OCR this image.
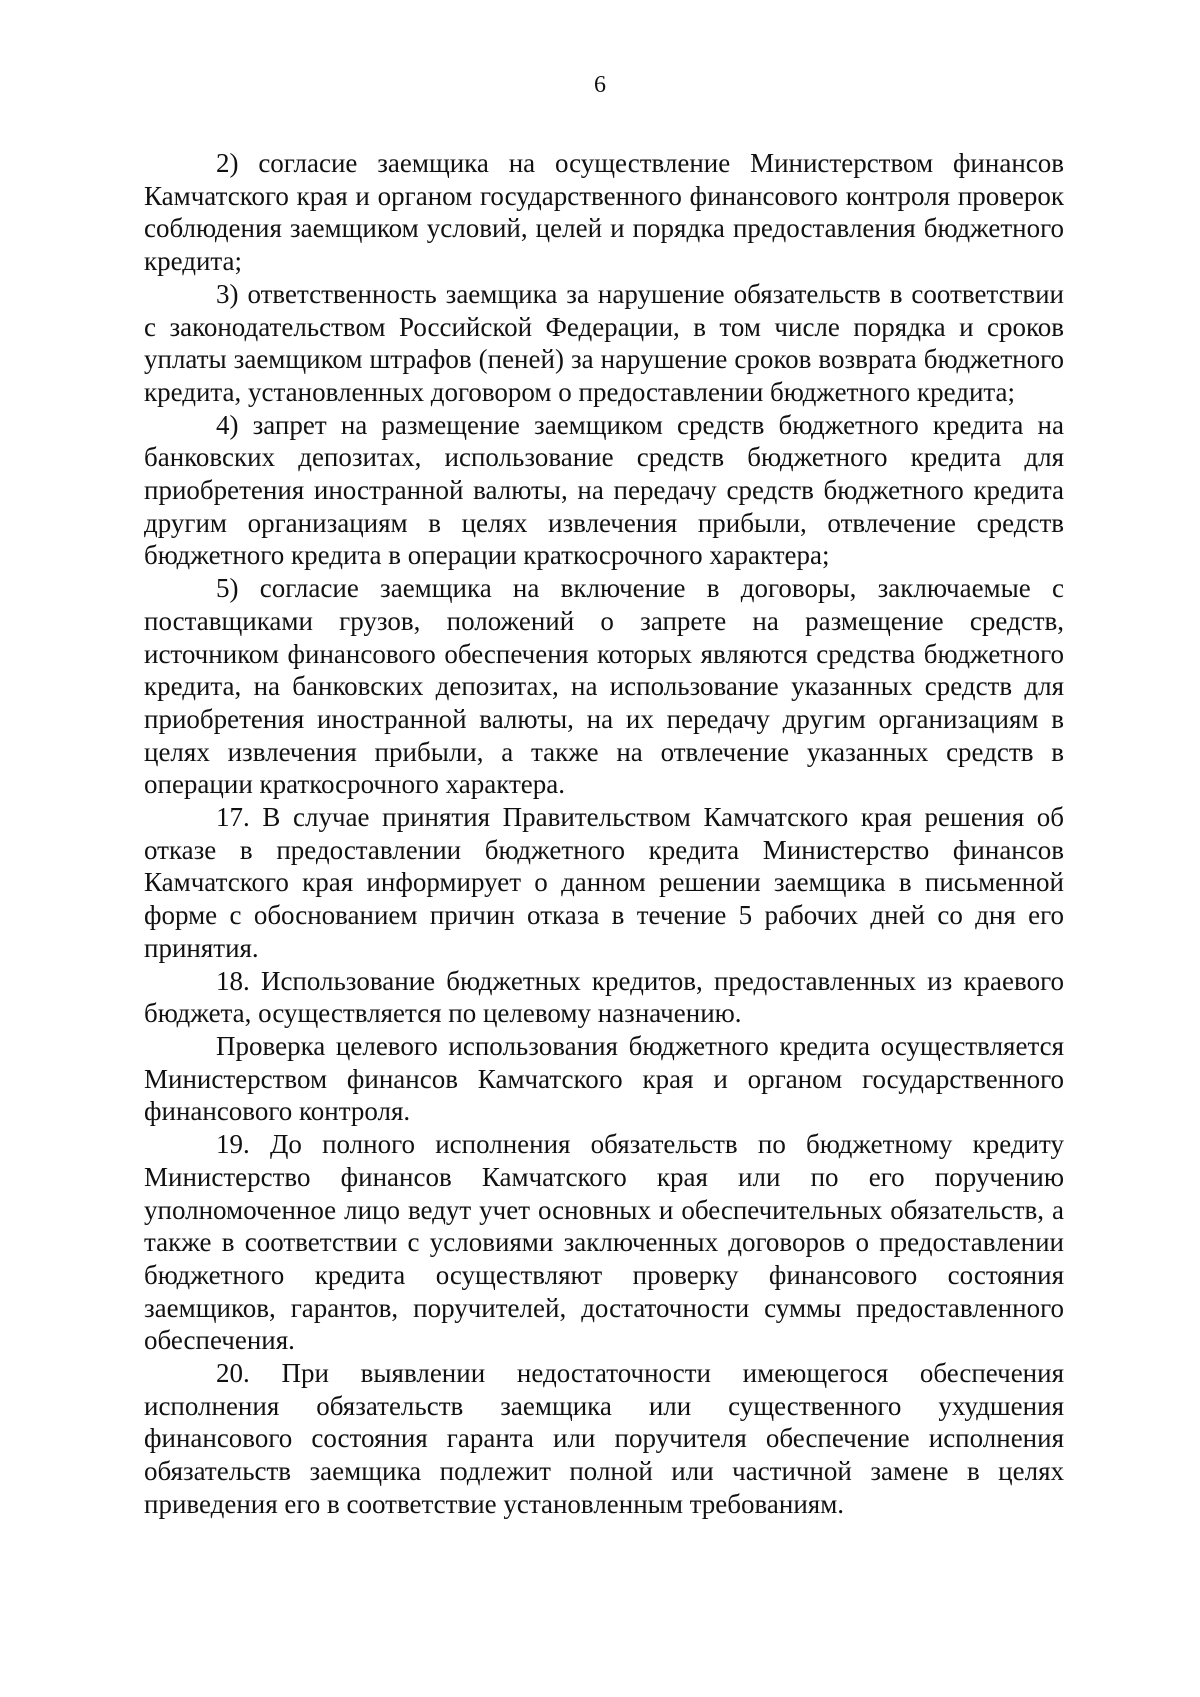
6

2) согласие заемщика на осуществление Министерством финансов Камчатского края и органом государственного финансового контроля проверок соблюдения заемщиком условий, целей и порядка предоставления бюджетного кредита;

3) ответственность заемщика за нарушение обязательств в соответствии с законодательством Российской Федерации, в том числе порядка и сроков уплаты заемщиком штрафов (пеней) за нарушение сроков возврата бюджетного кредита, установленных договором о предоставлении бюджетного кредита;

4) запрет на размещение заемщиком средств бюджетного кредита на банковских депозитах, использование средств бюджетного кредита для приобретения иностранной валюты, на передачу средств бюджетного кредита другим организациям в целях извлечения прибыли, отвлечение средств бюджетного кредита в операции краткосрочного характера;

5) согласие заемщика на включение в договоры, заключаемые с поставщиками грузов, положений о запрете на размещение средств, источником финансового обеспечения которых являются средства бюджетного кредита, на банковских депозитах, на использование указанных средств для приобретения иностранной валюты, на их передачу другим организациям в целях извлечения прибыли, а также на отвлечение указанных средств в операции краткосрочного характера.

17. В случае принятия Правительством Камчатского края решения об отказе в предоставлении бюджетного кредита Министерство финансов Камчатского края информирует о данном решении заемщика в письменной форме с обоснованием причин отказа в течение 5 рабочих дней со дня его принятия.

18. Использование бюджетных кредитов, предоставленных из краевого бюджета, осуществляется по целевому назначению.

Проверка целевого использования бюджетного кредита осуществляется Министерством финансов Камчатского края и органом государственного финансового контроля.

19. До полного исполнения обязательств по бюджетному кредиту Министерство финансов Камчатского края или по его поручению уполномоченное лицо ведут учет основных и обеспечительных обязательств, а также в соответствии с условиями заключенных договоров о предоставлении бюджетного кредита осуществляют проверку финансового состояния заемщиков, гарантов, поручителей, достаточности суммы предоставленного обеспечения.

20. При выявлении недостаточности имеющегося обеспечения исполнения обязательств заемщика или существенного ухудшения финансового состояния гаранта или поручителя обеспечение исполнения обязательств заемщика подлежит полной или частичной замене в целях приведения его в соответствие установленным требованиям.
